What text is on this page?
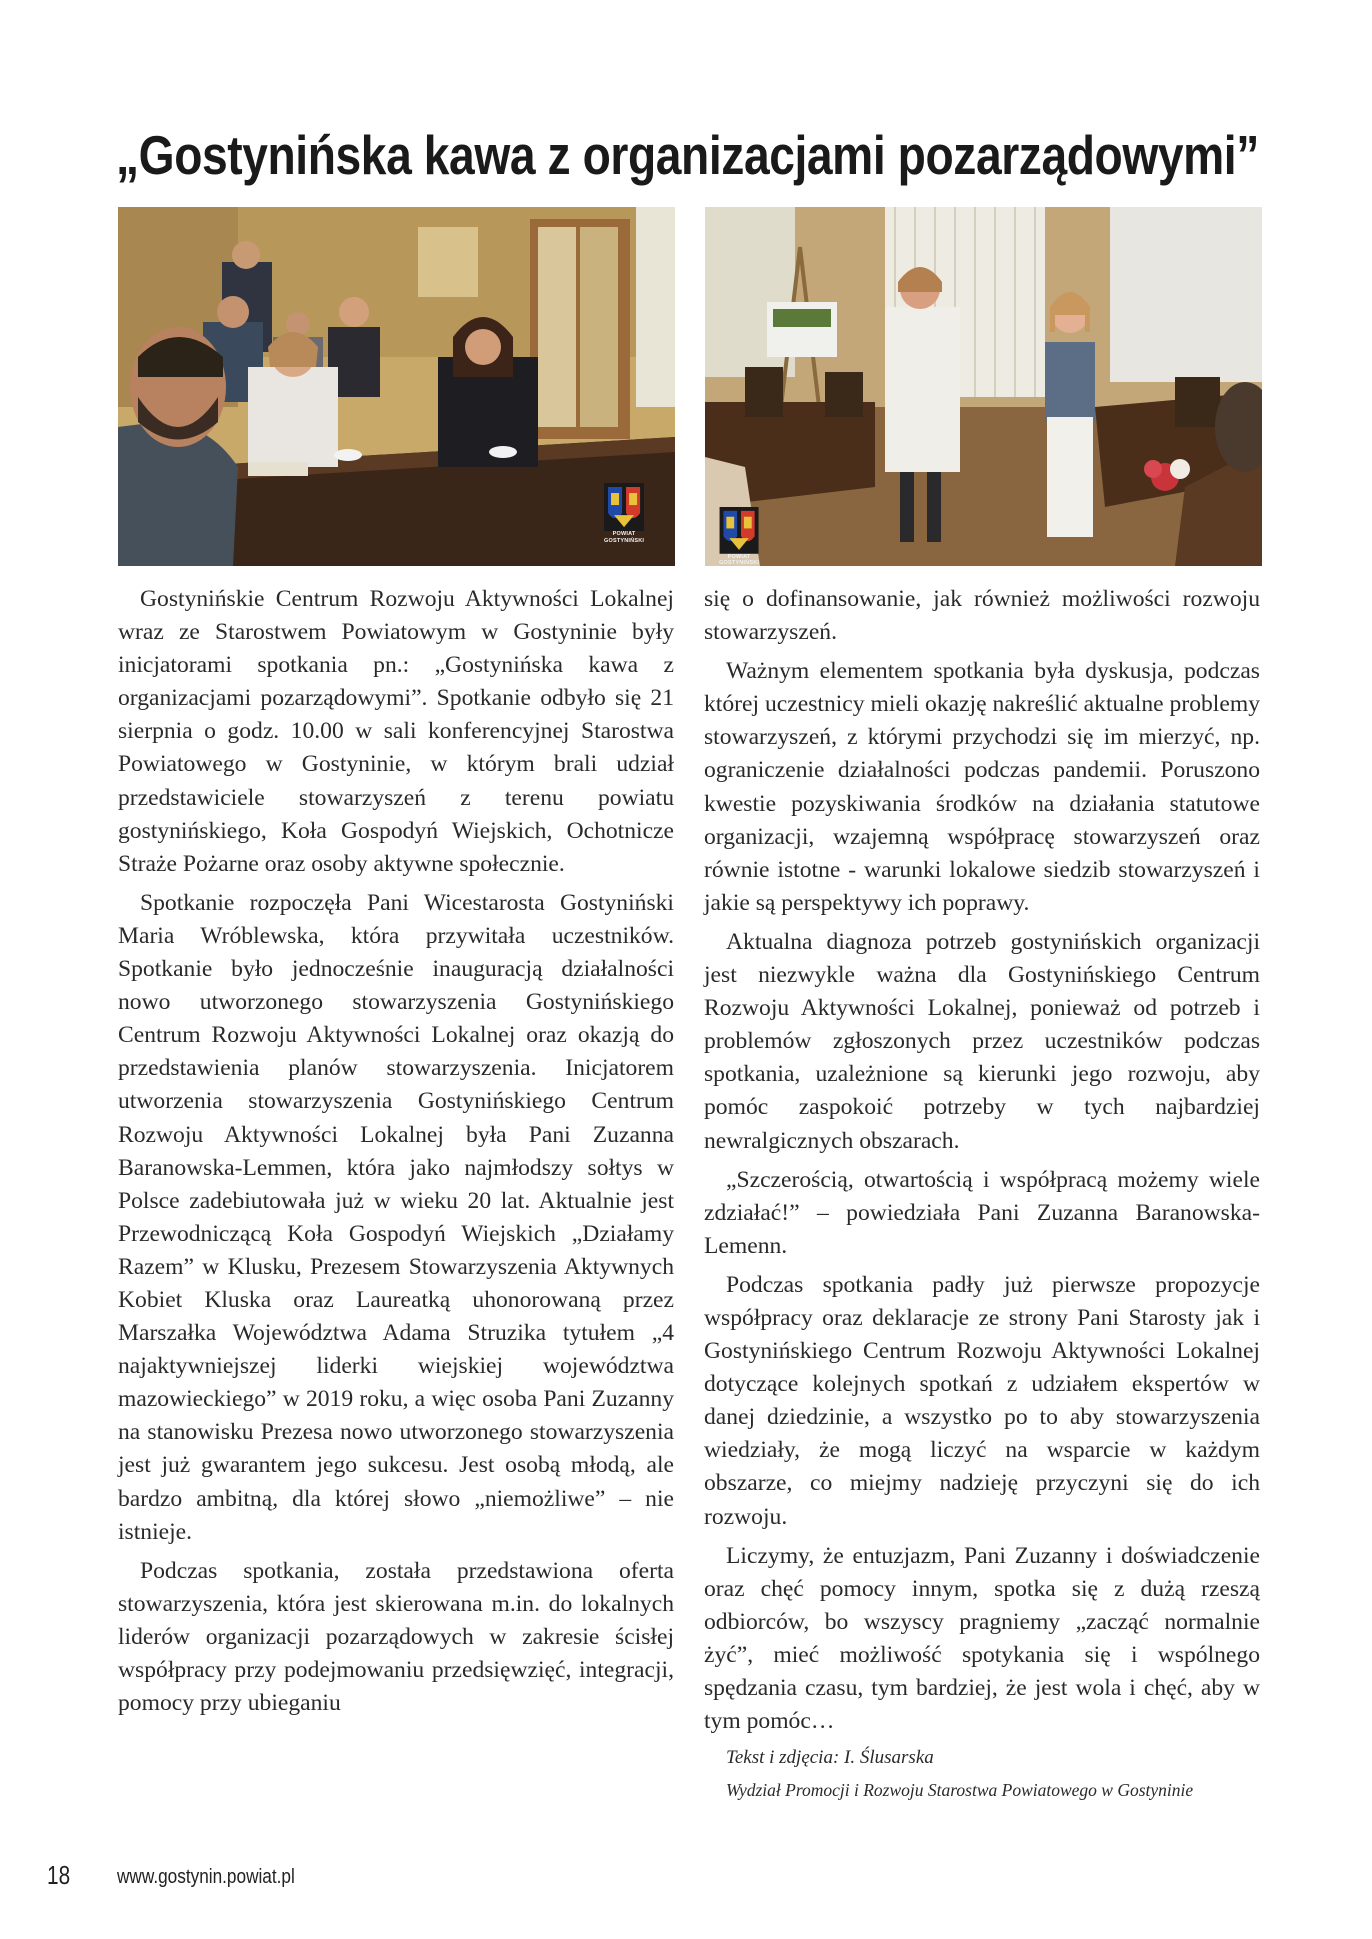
„Gostynińska kawa z organizacjami pozarządowymi”
POWIAT
GOSTYNIŃSKI
POWIAT
GOSTYNIŃSKI

Gostynińskie Centrum Rozwoju Aktywności Lokalnej wraz ze Starostwem Powiatowym w Gostyninie były inicjatorami spotkania pn.: „Gostynińska kawa z organizacjami pozarządowymi”. Spotkanie odbyło się 21 sierpnia o godz. 10.00 w sali konferencyjnej Starostwa Powiatowego w Gostyninie, w którym brali udział przedstawiciele stowarzyszeń z terenu powiatu gostynińskiego, Koła Gospodyń Wiejskich, Ochotnicze Straże Pożarne oraz osoby aktywne społecznie.

Spotkanie rozpoczęła Pani Wicestarosta Gostyniński Maria Wróblewska, która przywitała uczestników. Spotkanie było jednocześnie inauguracją działalności nowo utworzonego stowarzyszenia Gostynińskiego Centrum Rozwoju Aktywności Lokalnej oraz okazją do przedstawienia planów stowarzyszenia. Inicjatorem utworzenia stowarzyszenia Gostynińskiego Centrum Rozwoju Aktywności Lokalnej była Pani Zuzanna Baranowska-Lemmen, która jako najmłodszy sołtys w Polsce zadebiutowała już w wieku 20 lat. Aktualnie jest Przewodniczącą Koła Gospodyń Wiejskich „Działamy Razem” w Klusku, Prezesem Stowarzyszenia Aktywnych Kobiet Kluska oraz Laureatką uhonorowaną przez Marszałka Województwa Adama Struzika tytułem „4 najaktywniejszej liderki wiejskiej województwa mazowieckiego” w 2019 roku, a więc osoba Pani Zuzanny na stanowisku Prezesa nowo utworzonego stowarzyszenia jest już gwarantem jego sukcesu. Jest osobą młodą, ale bardzo ambitną, dla której słowo „niemożliwe” – nie istnieje.

Podczas spotkania, została przedstawiona oferta stowarzyszenia, która jest skierowana m.in. do lokalnych liderów organizacji pozarządowych w zakresie ścisłej współpracy przy podejmowaniu przedsięwzięć, integracji, pomocy przy ubieganiu

się o dofinansowanie, jak również możliwości rozwoju stowarzyszeń.

Ważnym elementem spotkania była dyskusja, podczas której uczestnicy mieli okazję nakreślić aktualne problemy stowarzyszeń, z którymi przychodzi się im mierzyć, np. ograniczenie działalności podczas pandemii. Poruszono kwestie pozyskiwania środków na działania statutowe organizacji, wzajemną współpracę stowarzyszeń oraz równie istotne - warunki lokalowe siedzib stowarzyszeń i jakie są perspektywy ich poprawy.

Aktualna diagnoza potrzeb gostynińskich organizacji jest niezwykle ważna dla Gostynińskiego Centrum Rozwoju Aktywności Lokalnej, ponieważ od potrzeb i problemów zgłoszonych przez uczestników podczas spotkania, uzależnione są kierunki jego rozwoju, aby pomóc zaspokoić potrzeby w tych najbardziej newralgicznych obszarach.

„Szczerością, otwartością i współpracą możemy wiele zdziałać!” – powiedziała Pani Zuzanna Baranowska-Lemenn.

Podczas spotkania padły już pierwsze propozycje współpracy oraz deklaracje ze strony Pani Starosty jak i Gostynińskiego Centrum Rozwoju Aktywności Lokalnej dotyczące kolejnych spotkań z udziałem ekspertów w danej dziedzinie, a wszystko po to aby stowarzyszenia wiedziały, że mogą liczyć na wsparcie w każdym obszarze, co miejmy nadzieję przyczyni się do ich rozwoju.

Liczymy, że entuzjazm, Pani Zuzanny i doświadczenie oraz chęć pomocy innym, spotka się z dużą rzeszą odbiorców, bo wszyscy pragniemy „zacząć normalnie żyć”, mieć możliwość spotykania się i wspólnego spędzania czasu, tym bardziej, że jest wola i chęć, aby w tym pomóc…

Tekst i zdjęcia: I. Ślusarska

Wydział Promocji i Rozwoju Starostwa Powiatowego w Gostyninie

18 www.gostynin.powiat.pl
